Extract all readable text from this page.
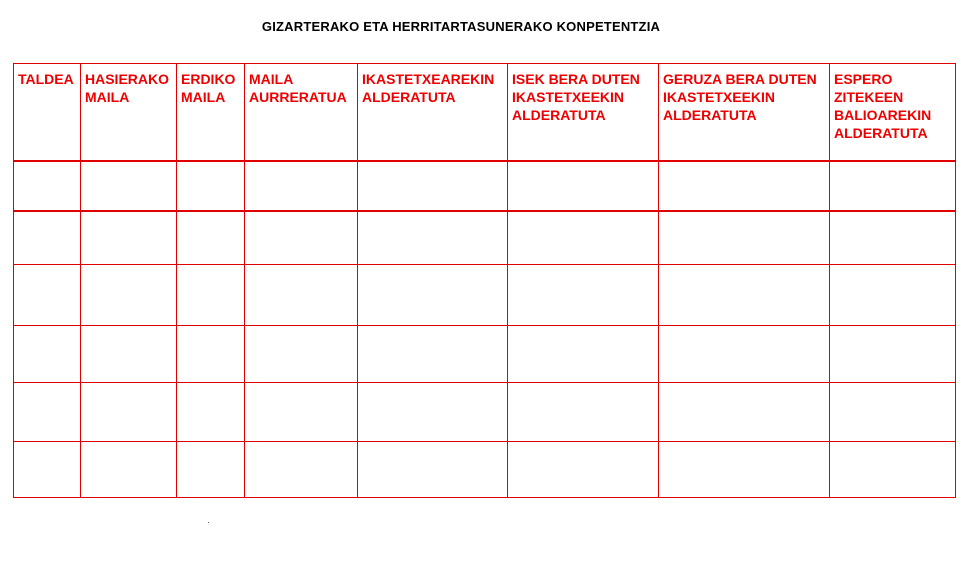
GIZARTERAKO ETA HERRITARTASUNERAKO KONPETENTZIA
TALDEA	HASIERAKO MAILA	ERDIKO MAILA	MAILA AURRERATUA	IKASTETXEAREKIN ALDERATUTA	ISEK BERA DUTEN IKASTETXEEKIN ALDERATUTA	GERUZA BERA DUTEN IKASTETXEEKIN ALDERATUTA	ESPERO ZITEKEEN BALIOAREKIN ALDERATUTA
